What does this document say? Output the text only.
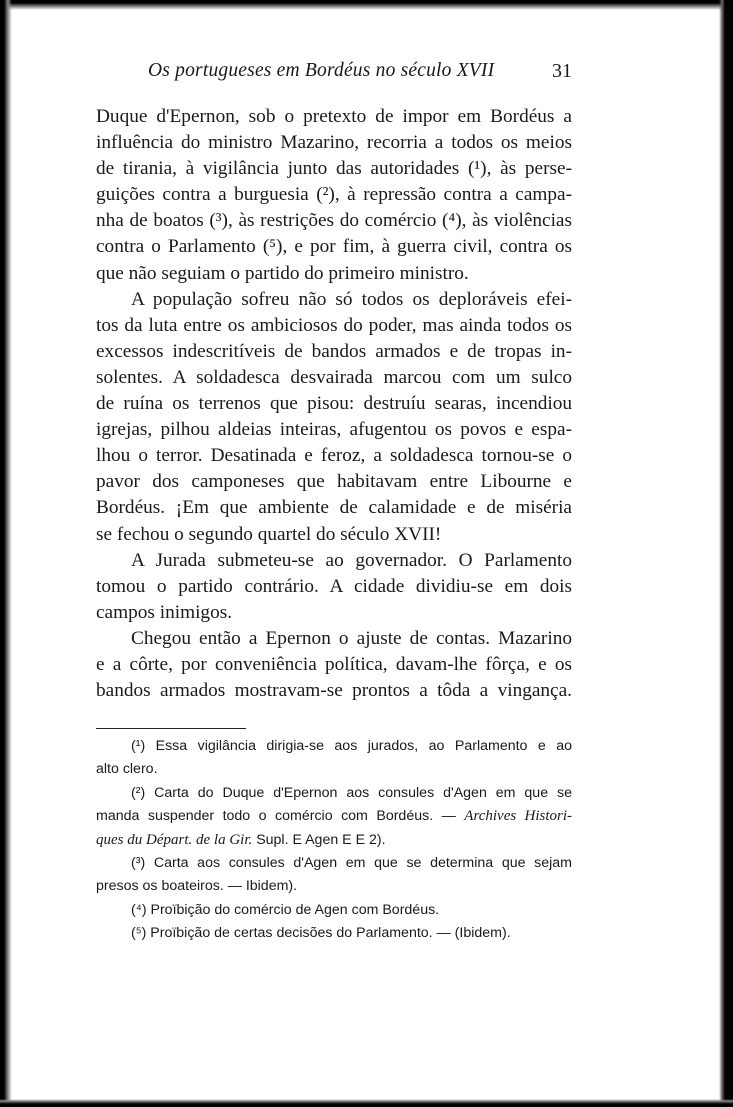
Os portugueses em Bordéus no século XVII	31
Duque d'Epernon, sob o pretexto de impor em Bordéus a
influência do ministro Mazarino, recorria a todos os meios
de tirania, à vigilância junto das autoridades (¹), às perse-
guições contra a burguesia (²), à repressão contra a campa-
nha de boatos (³), às restrições do comércio (⁴), às violências
contra o Parlamento (⁵), e por fim, à guerra civil, contra os
que não seguiam o partido do primeiro ministro.
A população sofreu não só todos os deploráveis efei-
tos da luta entre os ambiciosos do poder, mas ainda todos os
excessos indescritíveis de bandos armados e de tropas in-
solentes. A soldadesca desvairada marcou com um sulco
de ruína os terrenos que pisou: destruíu searas, incendiou
igrejas, pilhou aldeias inteiras, afugentou os povos e espa-
lhou o terror. Desatinada e feroz, a soldadesca tornou-se o
pavor dos camponeses que habitavam entre Libourne e
Bordéus. ¡Em que ambiente de calamidade e de miséria
se fechou o segundo quartel do século XVII!
A Jurada submeteu-se ao governador. O Parlamento
tomou o partido contrário. A cidade dividiu-se em dois
campos inimigos.
Chegou então a Epernon o ajuste de contas. Mazarino
e a côrte, por conveniência política, davam-lhe fôrça, e os
bandos armados mostravam-se prontos a tôda a vingança.
(¹) Essa vigilância dirigia-se aos jurados, ao Parlamento e ao
alto clero.
(²) Carta do Duque d'Epernon aos consules d'Agen em que se
manda suspender todo o comércio com Bordéus. — Archives Histori-
ques du Départ. de la Gir. Supl. E Agen E E 2).
(³) Carta aos consules d'Agen em que se determina que sejam
presos os boateiros. — Ibidem).
(⁴) Proïbição do comércio de Agen com Bordéus.
(⁵) Proïbição de certas decisões do Parlamento. — (Ibidem).
